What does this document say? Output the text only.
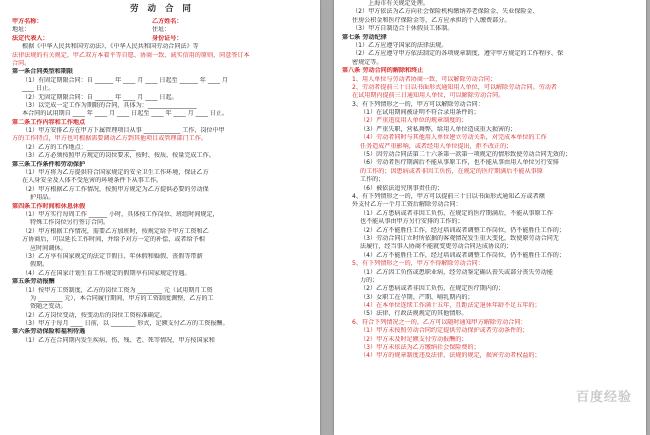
劳 动 合 同
甲方名称：	乙方姓名：
地址：	住址：
法定代表人：	身份证号：
根据《中华人民共和国劳动法》、《中华人民共和国劳动合同法》等
法律法规的有关规定，甲乙双方本着平等自愿、协商一致、诚实信用的原则，同意签订本
合同。
第一条合同类型和期限
（1）有固定期限合同：自 ______ 年 ____ 月 ____ 日起至 ______ 年 ____ 月
____ 日止。
（2）无固定期限合同：自 ______ 年 ____ 月 ____ 日起。
（3）以完成一定工作为期限的合同，具体为：________________
本合同的试用期自 ____ 年 ____ 月 ____ 日起至 ____ 年 ____ 月 ____ 日止。
第二条工作内容和工作地点
（1）甲方安排乙方在甲方下属管理项目从事 ____________ 工作，岗位中甲
方的工作特点，甲方也可根据需要调动乙方到其他项目或管理部门工作。
（2）乙方的工作地点：________________
（3）乙方必须按照甲方规定的岗位要求，按时、按质、按量完成工作。
第三条工作条件和劳动保护
（1）甲方将为乙方提供符合国家规定的安全卫生工作环境，保证乙方
在人身安全及人体不受危害的环境条件下从事工作。
（2）甲方根据乙方工作情况，按照甲方规定为乙方提供必要的劳动保
护用品。
第四条工作时间和休息休假
（1）甲方实行每周工作 ______ 小时，具体按工作岗位、班组时间规定，
特殊工作岗位另行签订合同。
（2）甲方根据工作情况，需要乙方加班时，按规定给予甲方工资和乙
方协商后，可以延长工作时间，并给予对方一定的补偿，或者给予相
应时间调休。
（3）乙方享有国家规定的法定节假日、年休假和婚假、丧假等带薪
假期。
（4）乙方在国家计划生育工作规定的假期享有国家规定待遇。
第五条劳动报酬
（1）按甲方工资制度，乙方的岗位工资为 ________ 元（试用期月工资
为 ________ 元），本合同履行期间，甲方的工资制度调整，乙方的工
资随之变动。
（2）乙方岗位变动，按变动后的岗位工资标准确定。
（3）甲方于每月 ____ 日前，以 ________ 形式，足额支付乙方的工资报酬。
第六条劳动保险和福利待遇
（1）乙方在合同期内发生疾病、伤、残、老、死等情况，甲方按国家和
上海市有关规定处理。
（2）甲方依法为乙方向社会保险机构缴纳养老保险金、失业保险金、
住房公积金和医疗保险金等，乙方应承担的个人缴费部分。
（3）甲方自制适合于休假员工体制。
第七条 劳动纪律
（1）乙方应遵守国家的法律法规。
（2）乙方应遵守甲方依法制定的各项规章制度，遵守甲方规定的工作程序、保
密规定等。
第八条 劳动合同的解除和终止
1、用人单位与劳动者协商一致，可以解除劳动合同；
2、劳动者提前三十日以书面形式通知用人单位，可以解除劳动合同。劳动者
在试用期内提前三日通知用人单位，可以解除劳动合同。
3、有下列情形之一的，甲方可以解除劳动合同：
（1）在试用期间被证明不符合录用条件的；
（2）严重违反用人单位的规章制度的；
（3）严重失职，营私舞弊，给用人单位造成重大损害的；
（4）劳动者同时与其他用人单位建立劳动关系，对完成本单位的工作
任务造成严重影响，或者经用人单位提出，拒不改正的；
（5）因劳动合同法第二十六条第一款第一项规定的情形致使劳动合同无效的；
（6）劳动者医疗期满后不能从事原工作，也不能从事由用人单位另行安排
的工作的；因患病或者非因工负伤，在规定的医疗期满后不能从事原
工作的；
（6）被依法追究刑事责任的；
4、有下列情形之一的，甲方可以提前三十日以书面形式通知乙方或者额
外支付乙方一个月工资后解除劳动合同：
（1）乙方患病或者非因工负伤，在规定的医疗期满后，不能从事原工作
也不能从事由甲方另行安排的工作的；
（2）乙方不能胜任工作，经过培训或者调整工作岗位，仍不能胜任工作的；
（3）劳动合同订立时所依据的客观情况发生重大变化，致使原劳动合同无
法履行，经当事人协商不能就变更劳动合同达成协议的；
（4）乙方不能胜任工作，经过培训或者调整工作岗位，仍不能胜任工作的；
5、有下列情形之一的，甲方不得解除劳动合同：
（1）乙方因工负伤或患职业病，经劳动鉴定确认丧失或部分丧失劳动能
力的；
（2）乙方患病或者非因工负伤，在规定医疗期内的；
（3）女职工在孕期、产期、哺乳期内的；
（4）在本单位连续工作满十五年，且距法定退休年龄不足五年的；
（5）法律、行政法规规定的其他情形。
6、符合下列情况之一的，乙方可以随时通知甲方解除劳动合同：
（1）甲方未按照劳动合同约定提供劳动保护或者劳动条件的；
（2）甲方未及时足额支付劳动报酬的；
（3）甲方未依法为乙方缴纳社会保险费的；
（4）甲方的规章制度违反法律、法规的规定，损害劳动者权益的；
百度经验
